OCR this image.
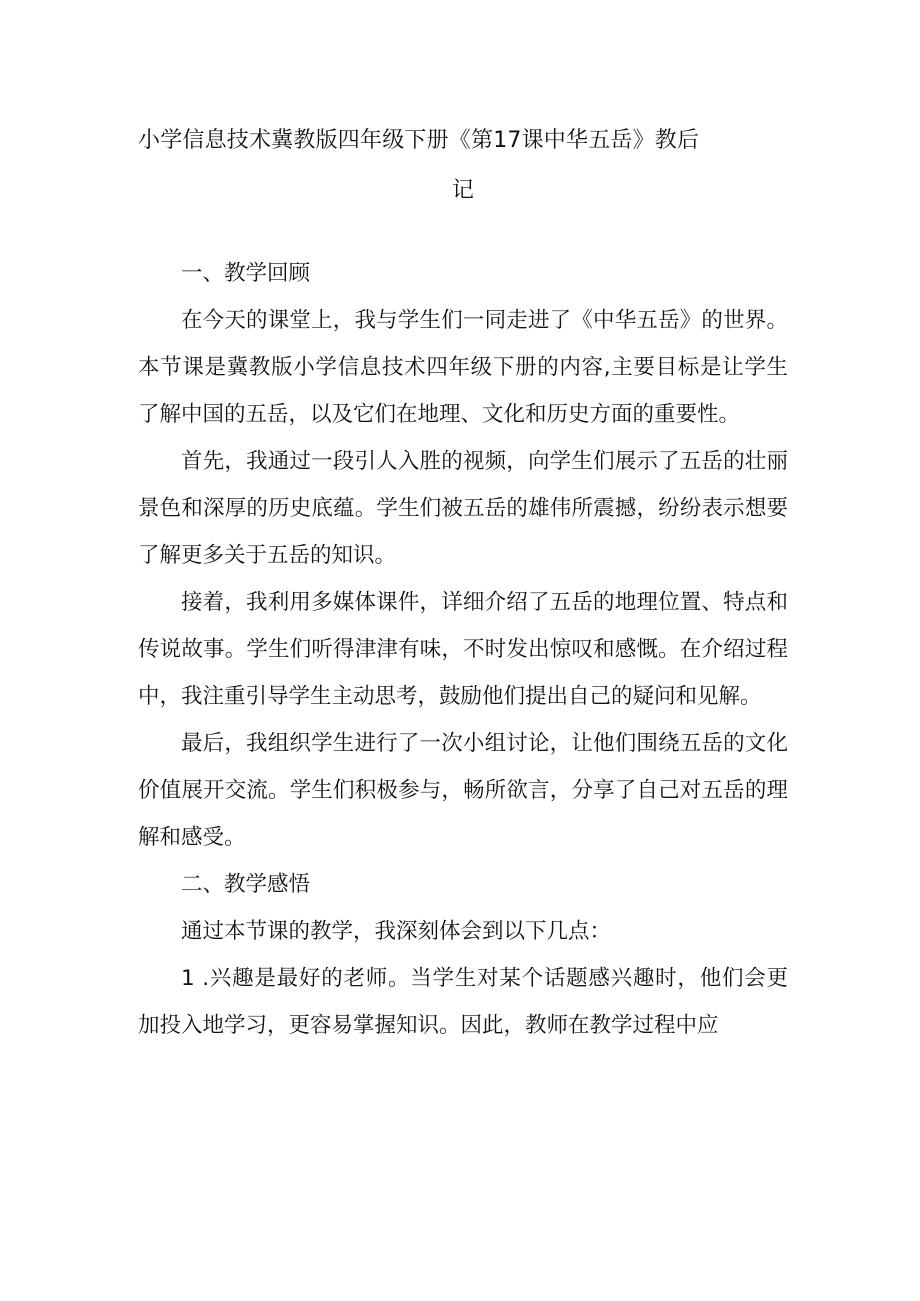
小学信息技术冀教版四年级下册《第17课中华五岳》教后
记

一、教学回顾

在今天的课堂上，我与学生们一同走进了《中华五岳》的世界。本节课是冀教版小学信息技术四年级下册的内容,主要目标是让学生了解中国的五岳，以及它们在地理、文化和历史方面的重要性。

首先，我通过一段引人入胜的视频，向学生们展示了五岳的壮丽景色和深厚的历史底蕴。学生们被五岳的雄伟所震撼，纷纷表示想要了解更多关于五岳的知识。

接着，我利用多媒体课件，详细介绍了五岳的地理位置、特点和传说故事。学生们听得津津有味，不时发出惊叹和感慨。在介绍过程中，我注重引导学生主动思考，鼓励他们提出自己的疑问和见解。

最后，我组织学生进行了一次小组讨论，让他们围绕五岳的文化价值展开交流。学生们积极参与，畅所欲言，分享了自己对五岳的理解和感受。

二、教学感悟

通过本节课的教学，我深刻体会到以下几点：

1 .兴趣是最好的老师。当学生对某个话题感兴趣时，他们会更加投入地学习，更容易掌握知识。因此，教师在教学过程中应
